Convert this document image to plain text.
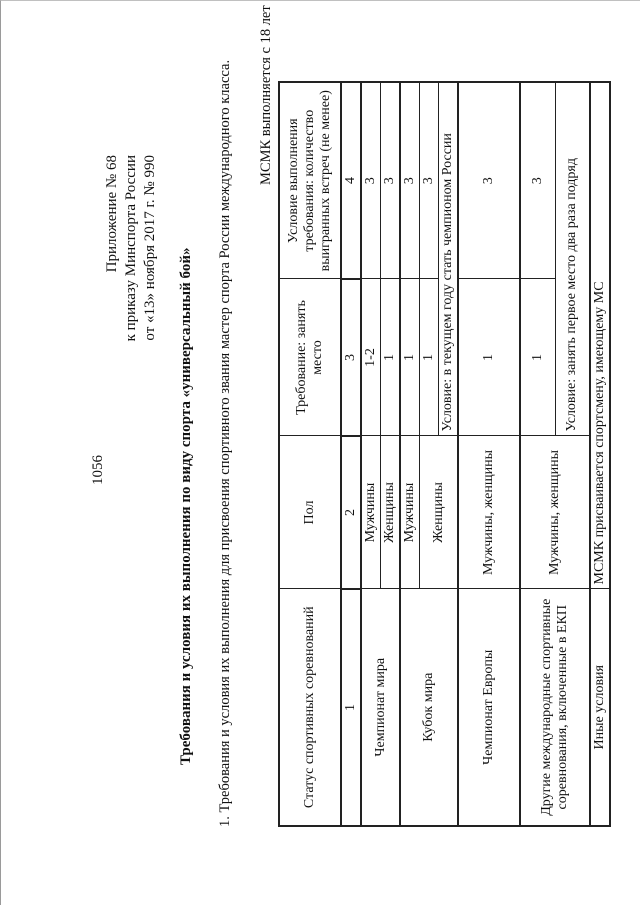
1056
Приложение № 68 к приказу Минспорта России от «13» ноября 2017 г. № 990 Требования и условия их выполнения по виду спорта «универсальный бой» 1. Требования и условия их выполнения для присвоения спортивного звания мастер спорта России международного класса. МСМК выполняется с 18 лет
Статус спортивных соревнований	Пол	Требование: занять место	Условие выполнения требования: количество выигранных встреч (не менее)
1	2	3	4
Чемпионат мира	Мужчины	1-2	3
	Женщины	1	3
Кубок мира	Мужчины	1	3
	Женщины	1	3
		Условие: в текущем году стать чемпионом России	
Чемпионат Европы	Мужчины, женщины	1	3
Другие международные спортивные соревнования, включенные в ЕКП	Мужчины, женщины	1	3
		Условие: занять первое место два раза подряд	
Иные условия	МСМК присваивается спортсмену, имеющему МС		
